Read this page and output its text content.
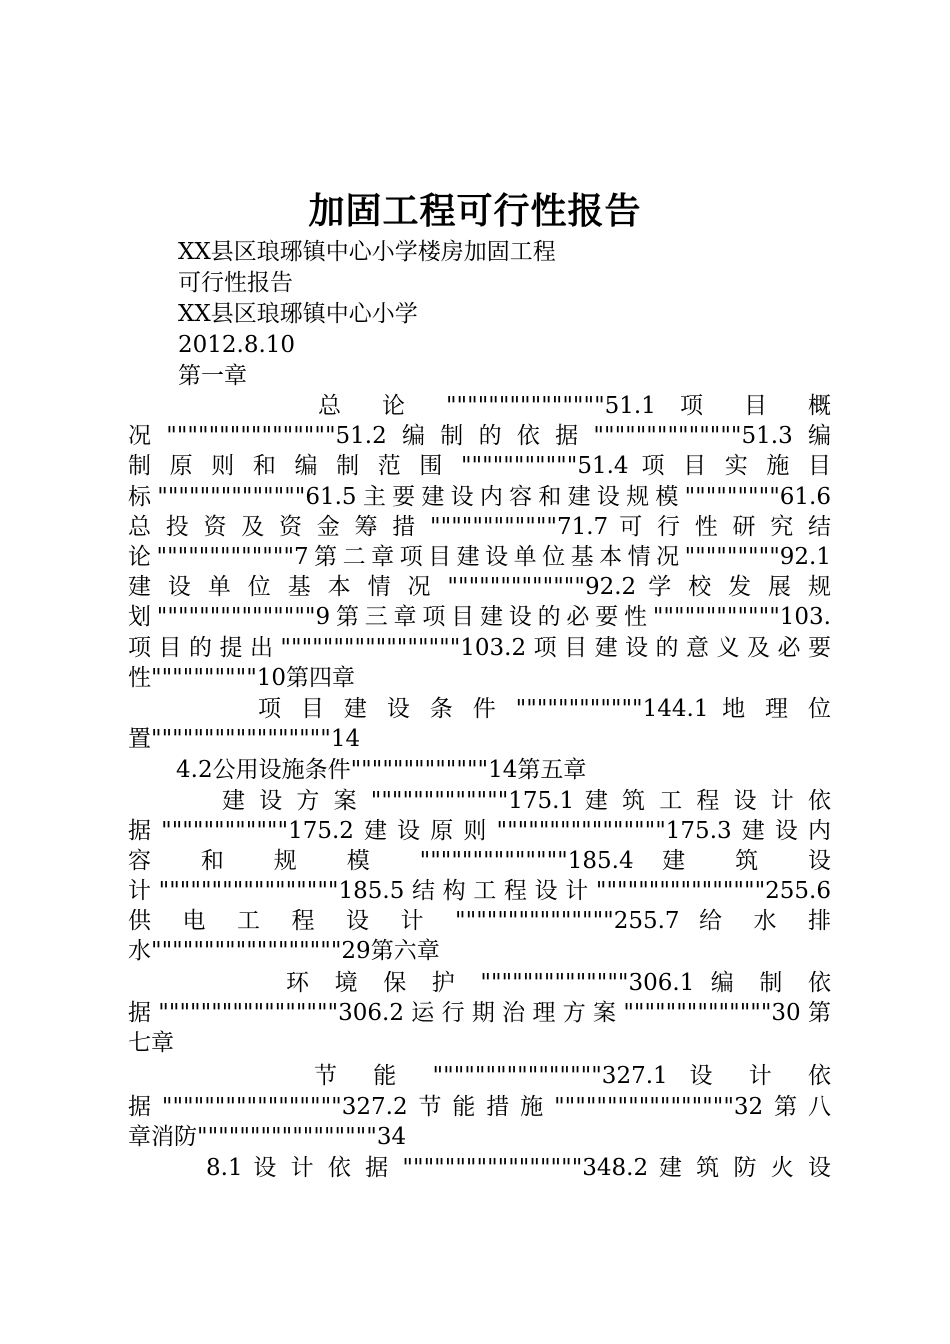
加固工程可行性报告
XX县区琅琊镇中心小学楼房加固工程
可行性报告
XX县区琅琊镇中心小学
2012.8.10
第一章
总 论 """""""""""""""51.1 项 目 概
况""""""""""""""""51.2编制的依据""""""""""""""51.3编
制 原 则 和 编 制 范 围 """""""""""51.4 项 目 实 施 目
标""""""""""""""61.5主要建设内容和建设规模"""""""""61.6
总 投 资 及 资 金 筹 措 """"""""""""71.7 可 行 性 研 究 结
论"""""""""""""7第二章项目建设单位基本情况"""""""""92.1
建 设 单 位 基 本 情 况 """""""""""""92.2 学 校 发 展 规
划"""""""""""""""9第三章项目建设的必要性""""""""""""103.
项目的提出"""""""""""""""""103.2项目建设的意义及必要
性""""""""""10第四章
项 目 建 设 条 件 """"""""""""144.1 地 理 位
置"""""""""""""""""14
4.2公用设施条件"""""""""""""14第五章
建 设 方 案 """""""""""""175.1 建 筑 工 程 设 计 依
据""""""""""""175.2建设原则""""""""""""""""175.3建设内
容 和 规 模 """"""""""""""185.4 建 筑 设
计"""""""""""""""""185.5结构工程设计""""""""""""""""255.6
供 电 工 程 设 计 """""""""""""""255.7 给 水 排
水""""""""""""""""""29第六章
环 境 保 护 """"""""""""""306.1 编 制 依
据"""""""""""""""""306.2运行期治理方案""""""""""""""30第
七章
节 能 """"""""""""""""327.1 设 计 依
据"""""""""""""""""327.2节能措施"""""""""""""""""32第八
章消防"""""""""""""""""34
8.1 设 计 依 据 """""""""""""""""348.2 建 筑 防 火 设
